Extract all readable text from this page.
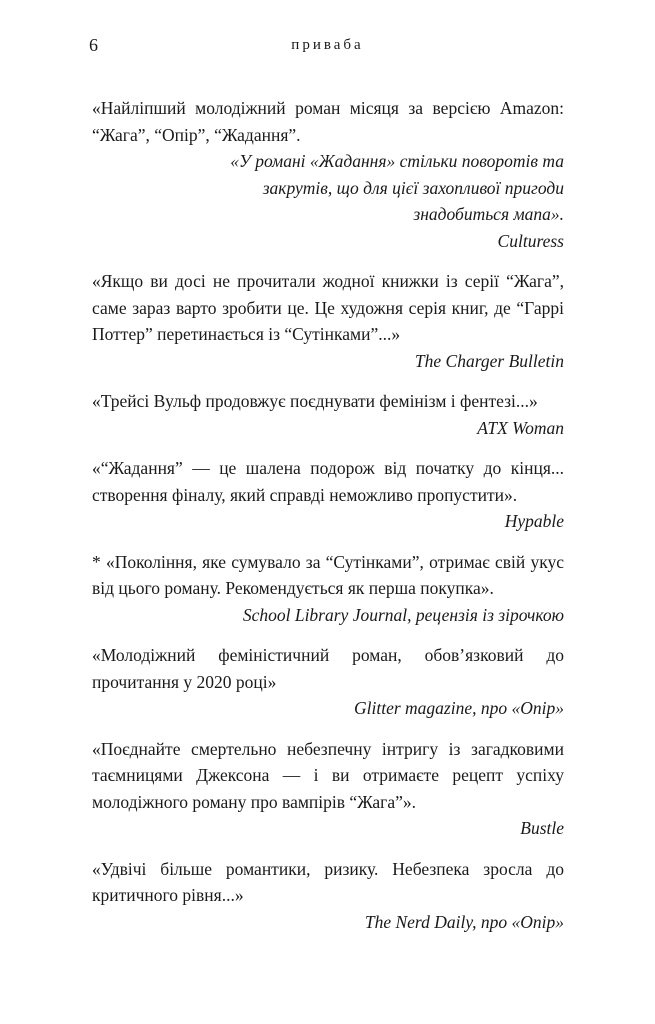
6	приваба
«Найліпший молодіжний роман місяця за версією Amazon: “Жага”, “Опір”, “Жадання”.
«У романі «Жадання» стільки поворотів та закрутів, що для цієї захопливої пригоди знадобиться мапа».
Culturess
«Якщо ви досі не прочитали жодної книжки із серії “Жага”, саме зараз варто зробити це. Це художня серія книг, де “Гаррі Поттер” перетинається із “Сутінками”...»
The Charger Bulletin
«Трейсі Вульф продовжує поєднувати фемінізм і фентезі...»
ATX Woman
«“Жадання” — це шалена подорож від початку до кінця... створення фіналу, який справді неможливо пропустити».
Hypable
* «Покоління, яке сумувало за “Сутінками”, отримає свій укус від цього роману. Рекомендується як перша покупка».
School Library Journal, рецензія із зірочкою
«Молодіжний феміністичний роман, обов’язковий до прочитання у 2020 році»
Glitter magazine, про «Опір»
«Поєднайте смертельно небезпечну інтригу із загадковими таємницями Джексона — і ви отримаєте рецепт успіху молодіжного роману про вампірів “Жага”».
Bustle
«Удвічі більше романтики, ризику. Небезпека зросла до критичного рівня...»
The Nerd Daily, про «Опір»
